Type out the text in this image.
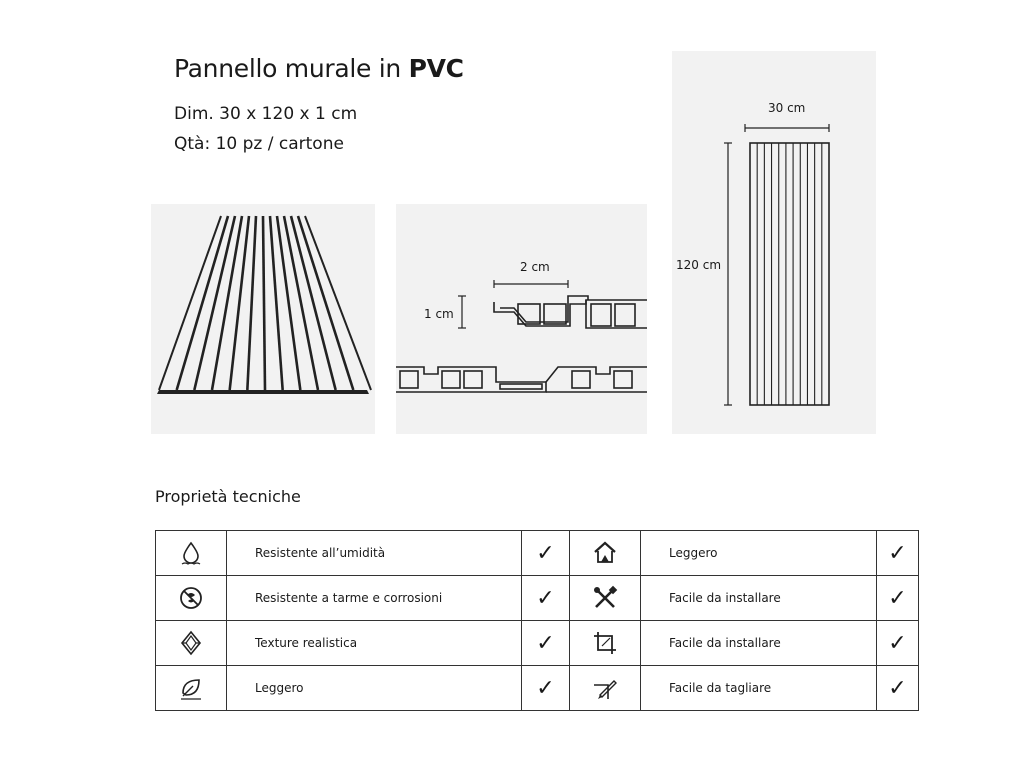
Pannello murale in PVC
Dim. 30 x 120 x 1 cm
Qtà: 10 pz / cartone
2 cm
1 cm
30 cm
120 cm
Proprietà tecniche
	Resistente all’umidità	✓		Leggero	✓
	Resistente a tarme e corrosioni	✓		Facile da installare	✓
	Texture realistica	✓		Facile da installare	✓
	Leggero	✓		Facile da tagliare	✓
